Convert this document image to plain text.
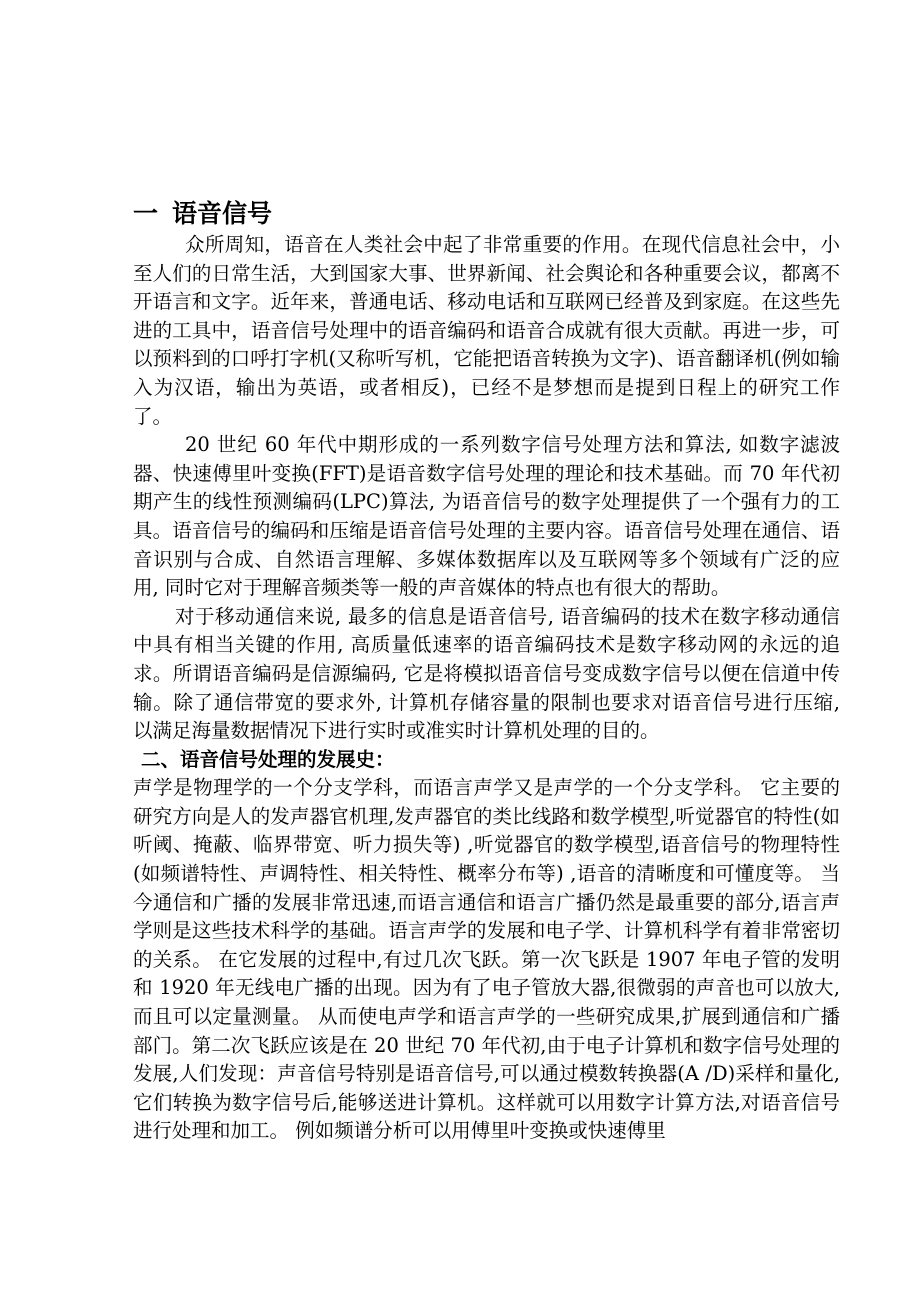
一 语音信号

众所周知，语音在人类社会中起了非常重要的作用。在现代信息社会中，小至人们的日常生活，大到国家大事、世界新闻、社会舆论和各种重要会议，都离不开语言和文字。近年来，普通电话、移动电话和互联网已经普及到家庭。在这些先进的工具中，语音信号处理中的语音编码和语音合成就有很大贡献。再进一步，可以预料到的口呼打字机(又称听写机，它能把语音转换为文字)、语音翻译机(例如输入为汉语，输出为英语，或者相反)，已经不是梦想而是提到日程上的研究工作了。

20 世纪 60 年代中期形成的一系列数字信号处理方法和算法, 如数字滤波器、快速傅里叶变换(FFT)是语音数字信号处理的理论和技术基础。而 70 年代初期产生的线性预测编码(LPC)算法, 为语音信号的数字处理提供了一个强有力的工具。语音信号的编码和压缩是语音信号处理的主要内容。语音信号处理在通信、语音识别与合成、自然语言理解、多媒体数据库以及互联网等多个领域有广泛的应用, 同时它对于理解音频类等一般的声音媒体的特点也有很大的帮助。

对于移动通信来说, 最多的信息是语音信号, 语音编码的技术在数字移动通信中具有相当关键的作用, 高质量低速率的语音编码技术是数字移动网的永远的追求。所谓语音编码是信源编码, 它是将模拟语音信号变成数字信号以便在信道中传输。除了通信带宽的要求外, 计算机存储容量的限制也要求对语音信号进行压缩, 以满足海量数据情况下进行实时或准实时计算机处理的目的。

二、语音信号处理的发展史：

声学是物理学的一个分支学科，而语言声学又是声学的一个分支学科。 它主要的研究方向是人的发声器官机理,发声器官的类比线路和数学模型,听觉器官的特性(如听阈、掩蔽、临界带宽、听力损失等) ,听觉器官的数学模型,语音信号的物理特性(如频谱特性、声调特性、相关特性、概率分布等) ,语音的清晰度和可懂度等。 当今通信和广播的发展非常迅速,而语言通信和语言广播仍然是最重要的部分,语言声学则是这些技术科学的基础。语言声学的发展和电子学、计算机科学有着非常密切的关系。 在它发展的过程中,有过几次飞跃。第一次飞跃是 1907 年电子管的发明和 1920 年无线电广播的出现。因为有了电子管放大器,很微弱的声音也可以放大,而且可以定量测量。 从而使电声学和语言声学的一些研究成果,扩展到通信和广播部门。第二次飞跃应该是在 20 世纪 70 年代初,由于电子计算机和数字信号处理的发展,人们发现：声音信号特别是语音信号,可以通过模数转换器(A /D)采样和量化,它们转换为数字信号后,能够送进计算机。这样就可以用数字计算方法,对语音信号进行处理和加工。 例如频谱分析可以用傅里叶变换或快速傅里
